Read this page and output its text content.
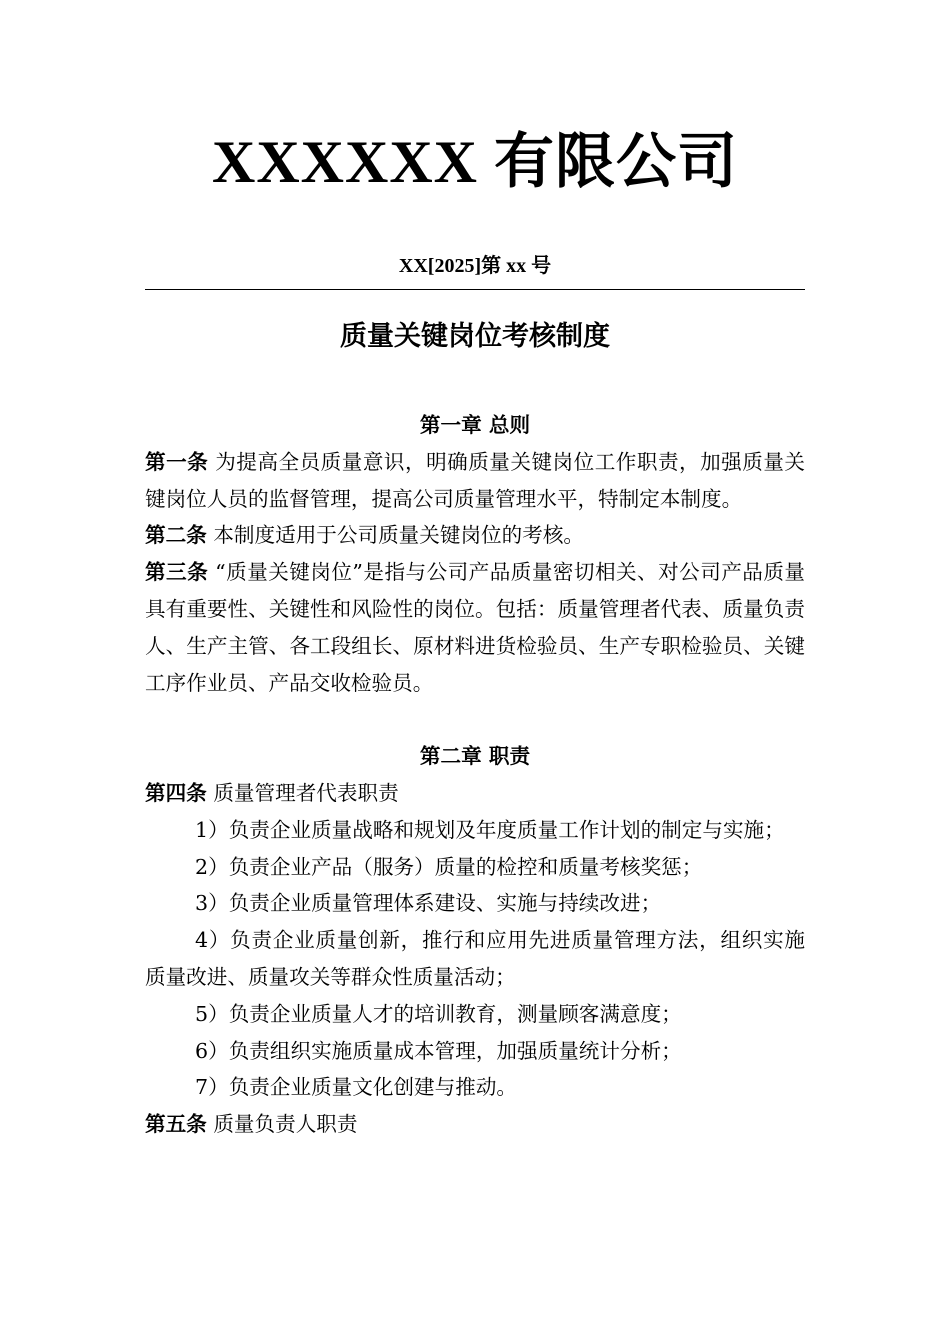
XXXXXX 有限公司
XX[2025]第 xx 号
质量关键岗位考核制度

第一章 总则

第一条 为提高全员质量意识，明确质量关键岗位工作职责，加强质量关键岗位人员的监督管理，提高公司质量管理水平，特制定本制度。

第二条 本制度适用于公司质量关键岗位的考核。

第三条 “质量关键岗位”是指与公司产品质量密切相关、对公司产品质量具有重要性、关键性和风险性的岗位。包括：质量管理者代表、质量负责人、生产主管、各工段组长、原材料进货检验员、生产专职检验员、关键工序作业员、产品交收检验员。

第二章 职责

第四条 质量管理者代表职责

1）负责企业质量战略和规划及年度质量工作计划的制定与实施；

2）负责企业产品（服务）质量的检控和质量考核奖惩；

3）负责企业质量管理体系建设、实施与持续改进；

4）负责企业质量创新，推行和应用先进质量管理方法，组织实施质量改进、质量攻关等群众性质量活动；

5）负责企业质量人才的培训教育，测量顾客满意度；

6）负责组织实施质量成本管理，加强质量统计分析；

7）负责企业质量文化创建与推动。

第五条 质量负责人职责
